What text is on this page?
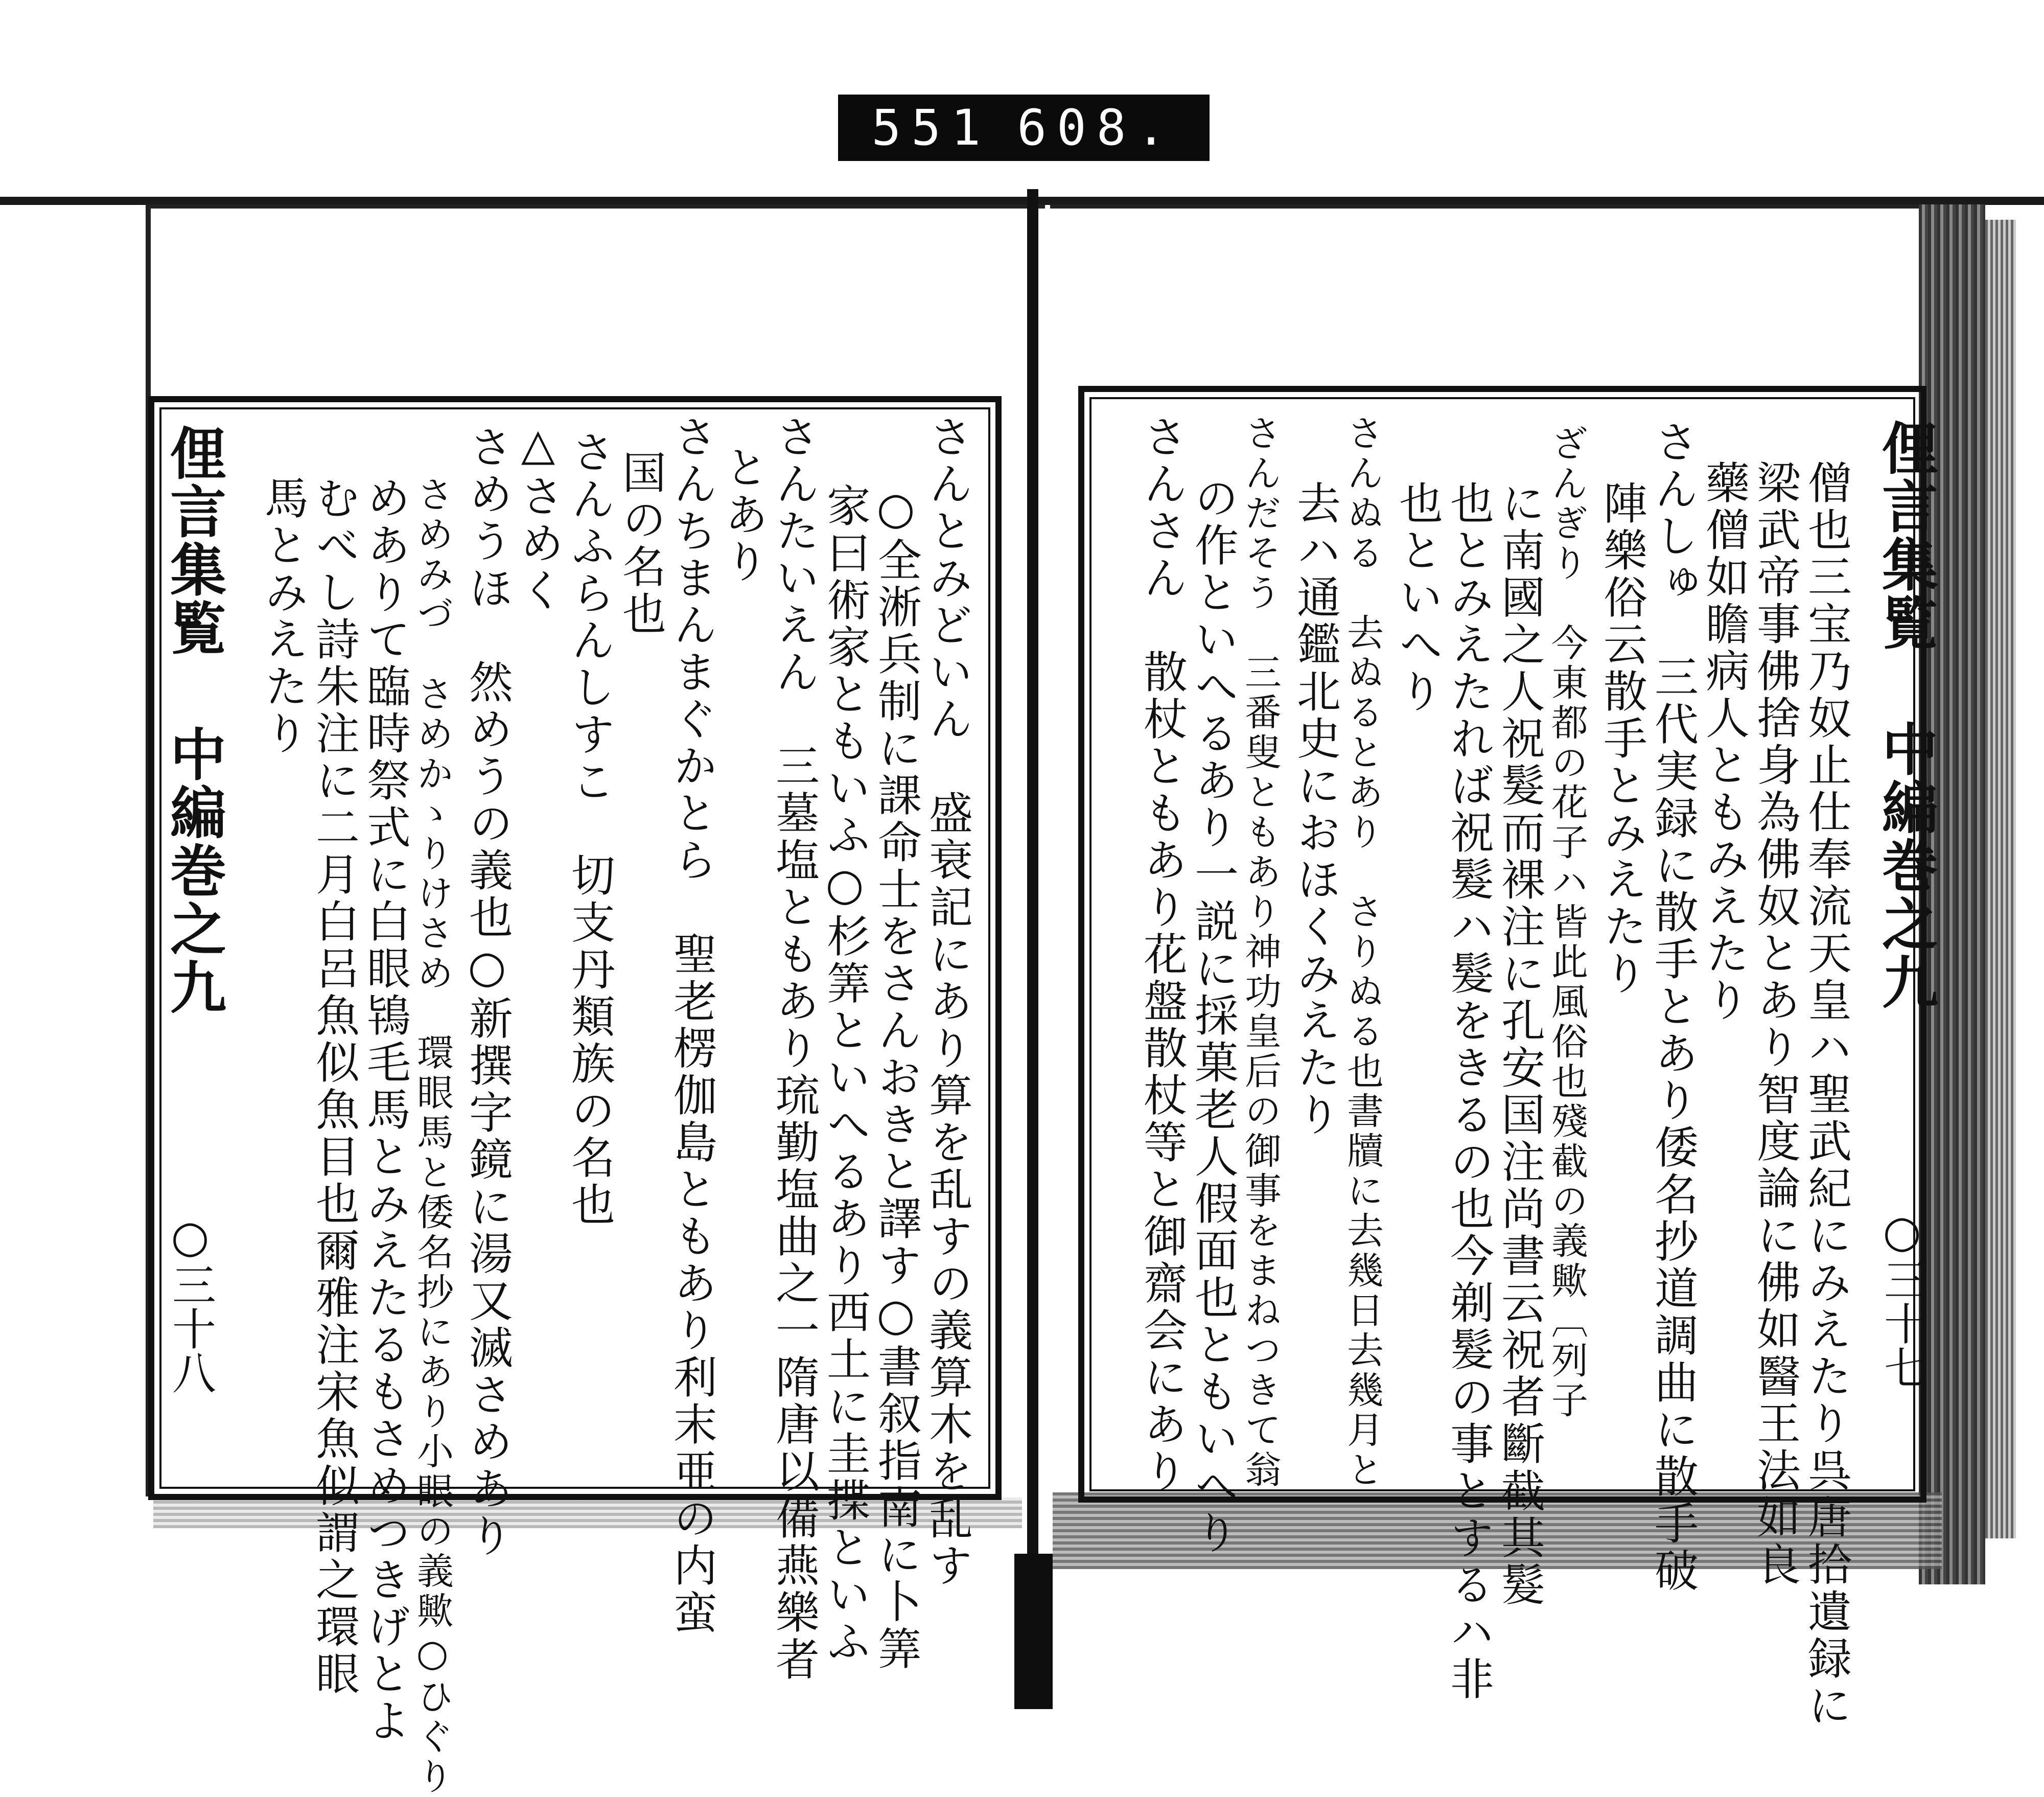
551 608.
俚言集覧 中編巻之九
○三十八	さんとみどいん　盛衰記にあり算を乱すの義算木を乱す
○全淅兵制に課命士をさんおきと譯す○書叙指南に卜筭
家曰術家ともいふ○杉筭といへるあり西土に圭揲といふ
さんたいえん　三墓塩ともあり琉勤塩曲之一隋唐以備燕樂者
とあり
さんちまんまぐかとら　聖老楞伽島ともあり利末亜の内蛮
国の名也
さんふらんしすこ　切支丹類族の名也
△さめく
さめうほ　然めうの義也○新撰字鏡に湯又滅さめあり
さめみづ　さめかゝりけさめ　環眼馬と倭名抄にあり小眼の義歟○ひぐり
めありて臨時祭式に白眼鴇毛馬とみえたるもさめつきげとよ
むべし詩朱注に二月白呂魚似魚目也爾雅注宋魚似謂之環眼
馬とみえたり	俚言集覧 中編巻之九
○三十七
僧也三宝乃奴止仕奉流天皇ハ聖武紀にみえたり呉唐拾遺録に
梁武帝事佛捨身為佛奴とあり智度論に佛如醫王法如良
藥僧如瞻病人ともみえたり
さんしゅ　三代実録に散手とあり倭名抄道調曲に散手破
陣樂俗云散手とみえたり
ざんぎり　今東都の花子ハ皆此風俗也殘截の義歟〔列子
に南國之人祝髮而裸注に孔安国注尚書云祝者斷截其髮
也とみえたれば祝髮ハ髮をきるの也今剃髮の事とするハ非
也といへり
さんぬる　去ぬるとあり　さりぬる也書牘に去幾日去幾月と
去ハ通鑑北史におほくみえたり
さんだそう　三番叟ともあり神功皇后の御事をまねつきて翁
の作といへるあり一説に採菓老人假面也ともいへり
さんさん　散杖ともあり花盤散杖等と御齋会にあり
